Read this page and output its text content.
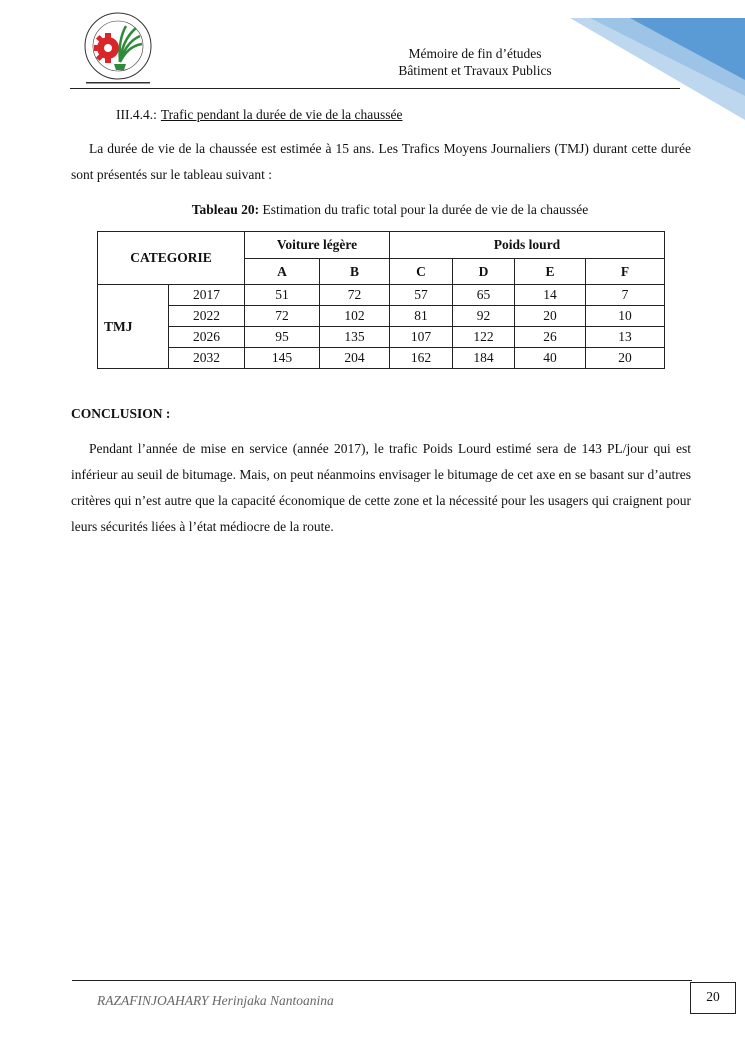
Mémoire de fin d’études
Bâtiment et Travaux Publics
III.4.4.: Trafic pendant la durée de vie de la chaussée
La durée de vie de la chaussée est estimée à 15 ans. Les Trafics Moyens Journaliers (TMJ) durant cette durée sont présentés sur le tableau suivant :
Tableau 20: Estimation du trafic total pour la durée de vie de la chaussée
CATEGORIE		Voiture légère		Poids lourd			
		A	B	C	D	E	F
TMJ	2017	51	72	57	65	14	7
	2022	72	102	81	92	20	10
	2026	95	135	107	122	26	13
	2032	145	204	162	184	40	20
CONCLUSION :
Pendant l’année de mise en service (année 2017), le trafic Poids Lourd estimé sera de 143 PL/jour qui est inférieur au seuil de bitumage. Mais, on peut néanmoins envisager le bitumage de cet axe en se basant sur d’autres critères qui n’est autre que la capacité économique de cette zone et la nécessité pour les usagers qui craignent pour leurs sécurités liées à l’état médiocre de la route.
RAZAFINJOAHARY Herinjaka Nantoanina	20
